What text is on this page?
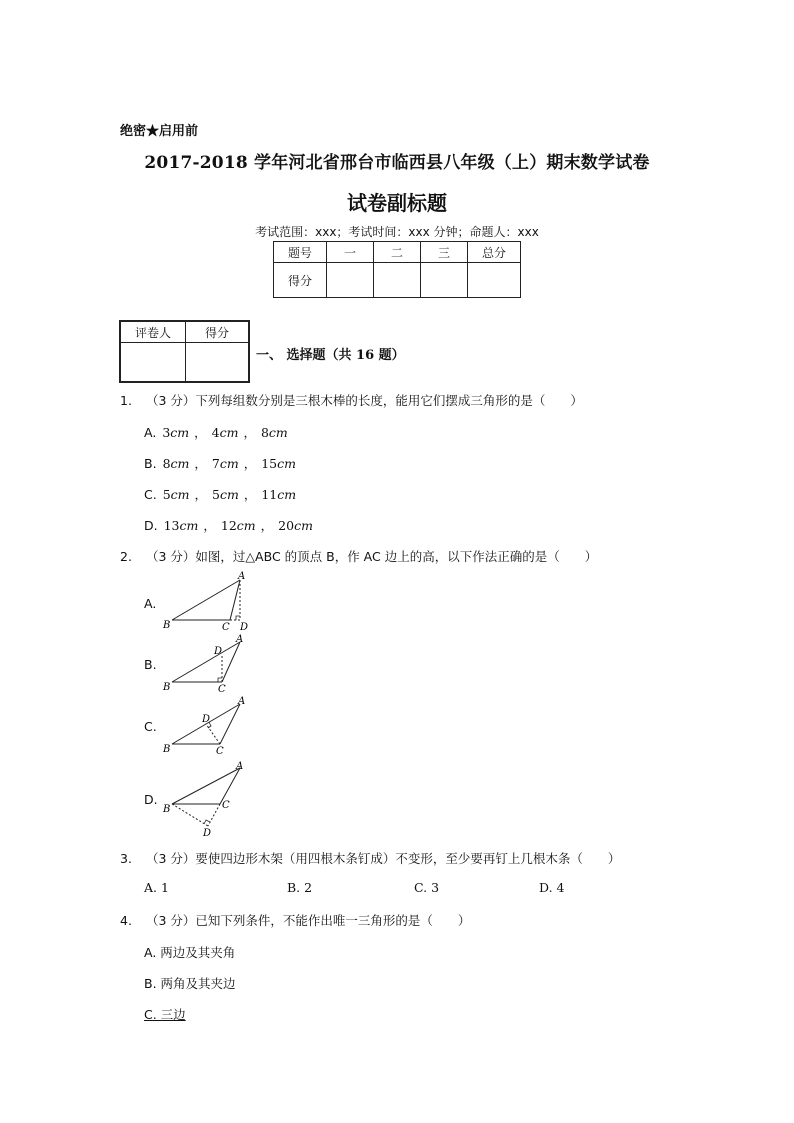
绝密★启用前
2017-2018 学年河北省邢台市临西县八年级（上）期末数学试卷
试卷副标题
考试范围：xxx；考试时间：xxx 分钟；命题人：xxx
题号	一	二	三	总分
得分				
评卷人	得分

一、 选择题（共 16 题）
1. （3 分）下列每组数分别是三根木棒的长度，能用它们摆成三角形的是（　　）
A. 3cm ， 4cm ， 8cm
B. 8cm ， 7cm ， 15cm
C. 5cm ， 5cm ， 11cm
D. 13cm ， 12cm ， 20cm
2. （3 分）如图，过△ABC 的顶点 B，作 AC 边上的高，以下作法正确的是（　　）
A.
A
B	C D
B.
A
B	C
D
C.
A
B	C
D
D.
A
B	C
D
3. （3 分）要使四边形木架（用四根木条钉成）不变形，至少要再钉上几根木条（　　）
A. 1	B. 2	C. 3	D. 4
4. （3 分）已知下列条件，不能作出唯一三角形的是（　　）
A. 两边及其夹角
B. 两角及其夹边
C. 三边
